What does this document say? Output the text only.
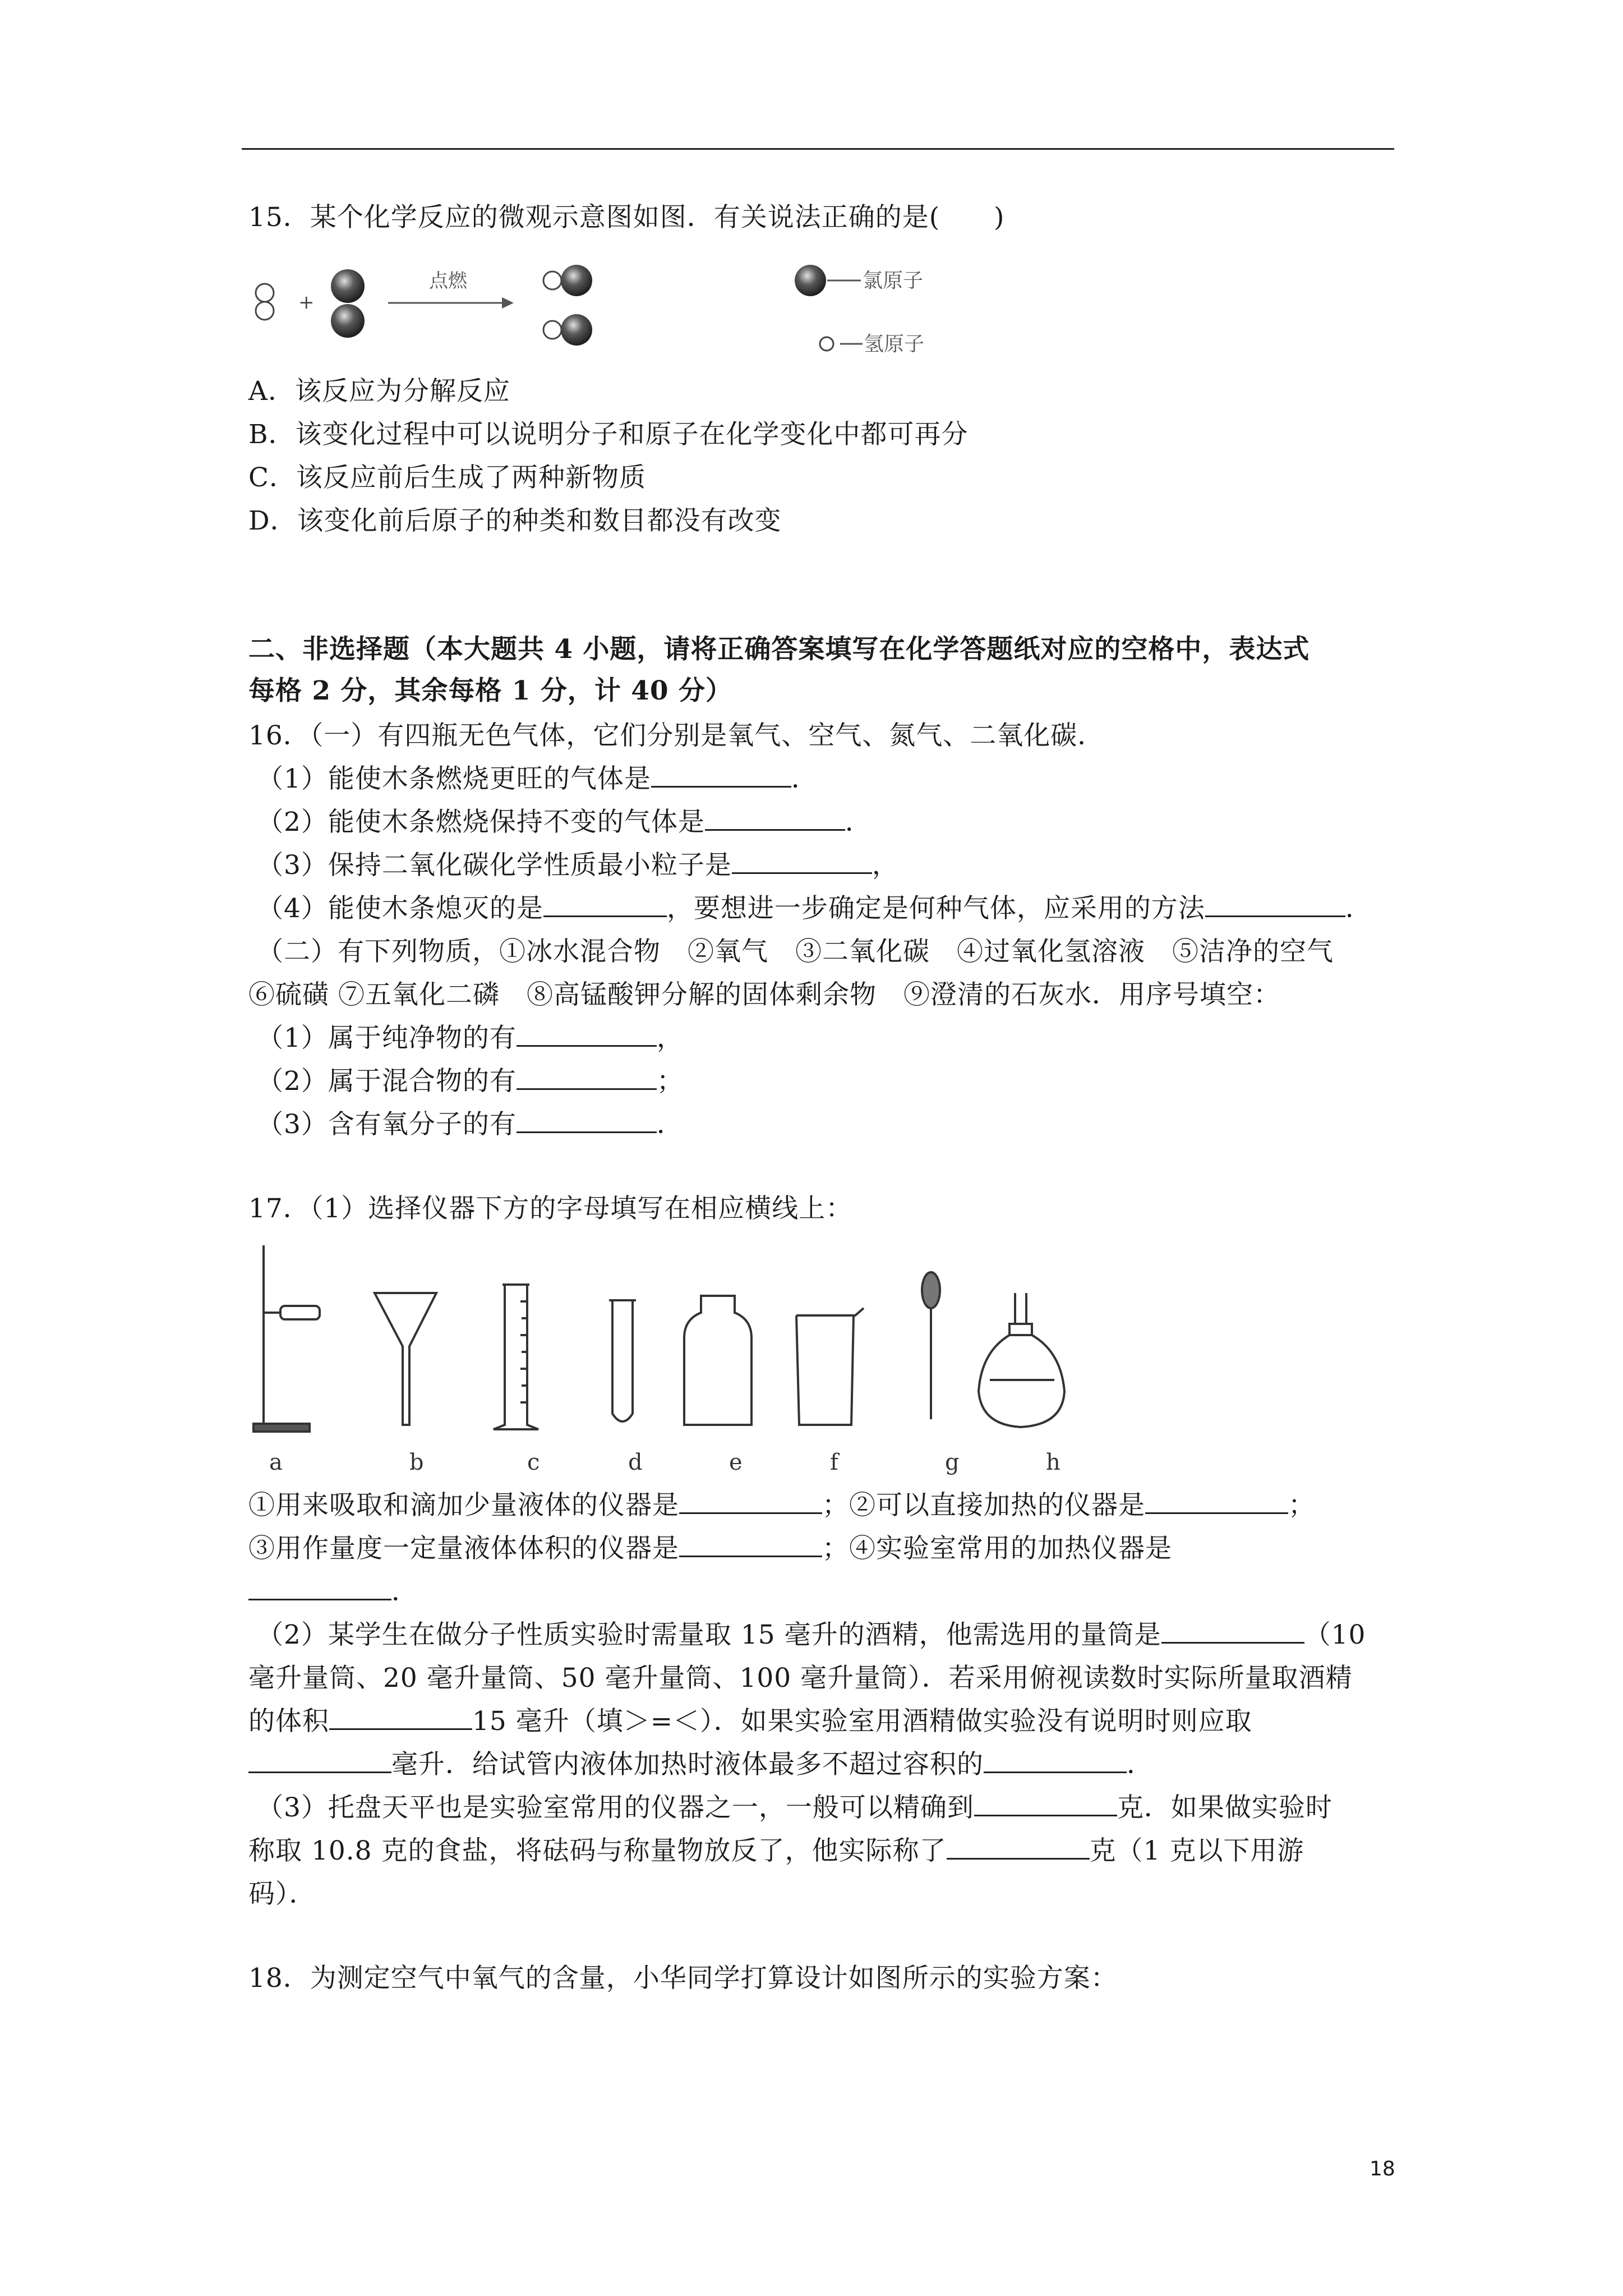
15．某个化学反应的微观示意图如图．有关说法正确的是(　　)
+
点燃	氯原子
氢原子
A．该反应为分解反应
B．该变化过程中可以说明分子和原子在化学变化中都可再分
C．该反应前后生成了两种新物质
D．该变化前后原子的种类和数目都没有改变
二、非选择题（本大题共 4 小题，请将正确答案填写在化学答题纸对应的空格中，表达式
每格 2 分，其余每格 1 分，计 40 分）
16．（一）有四瓶无色气体，它们分别是氧气、空气、氮气、二氧化碳．
（1）能使木条燃烧更旺的气体是	．
（2）能使木条燃烧保持不变的气体是	．
（3）保持二氧化碳化学性质最小粒子是	，
（4）能使木条熄灭的是	，要想进一步确定是何种气体，应采用的方法	．
（二）有下列物质，①冰水混合物　②氧气　③二氧化碳　④过氧化氢溶液　⑤洁净的空气
⑥硫磺 ⑦五氧化二磷　⑧高锰酸钾分解的固体剩余物　⑨澄清的石灰水．用序号填空：
（1）属于纯净物的有	，
（2）属于混合物的有	；
（3）含有氧分子的有	．
17．（1）选择仪器下方的字母填写在相应横线上：
a	b	c	d	e	f	g	h
①用来吸取和滴加少量液体的仪器是	；②可以直接加热的仪器是	；
③用作量度一定量液体体积的仪器是	；④实验室常用的加热仪器是
．
（2）某学生在做分子性质实验时需量取 15 毫升的酒精，他需选用的量筒是	（10
毫升量筒、20 毫升量筒、50 毫升量筒、100 毫升量筒）．若采用俯视读数时实际所量取酒精
的体积	15 毫升（填＞=＜）．如果实验室用酒精做实验没有说明时则应取
毫升．给试管内液体加热时液体最多不超过容积的	．
（3）托盘天平也是实验室常用的仪器之一，一般可以精确到	克．如果做实验时
称取 10.8 克的食盐，将砝码与称量物放反了，他实际称了	克（1 克以下用游
码）．
18．为测定空气中氧气的含量，小华同学打算设计如图所示的实验方案：
18
